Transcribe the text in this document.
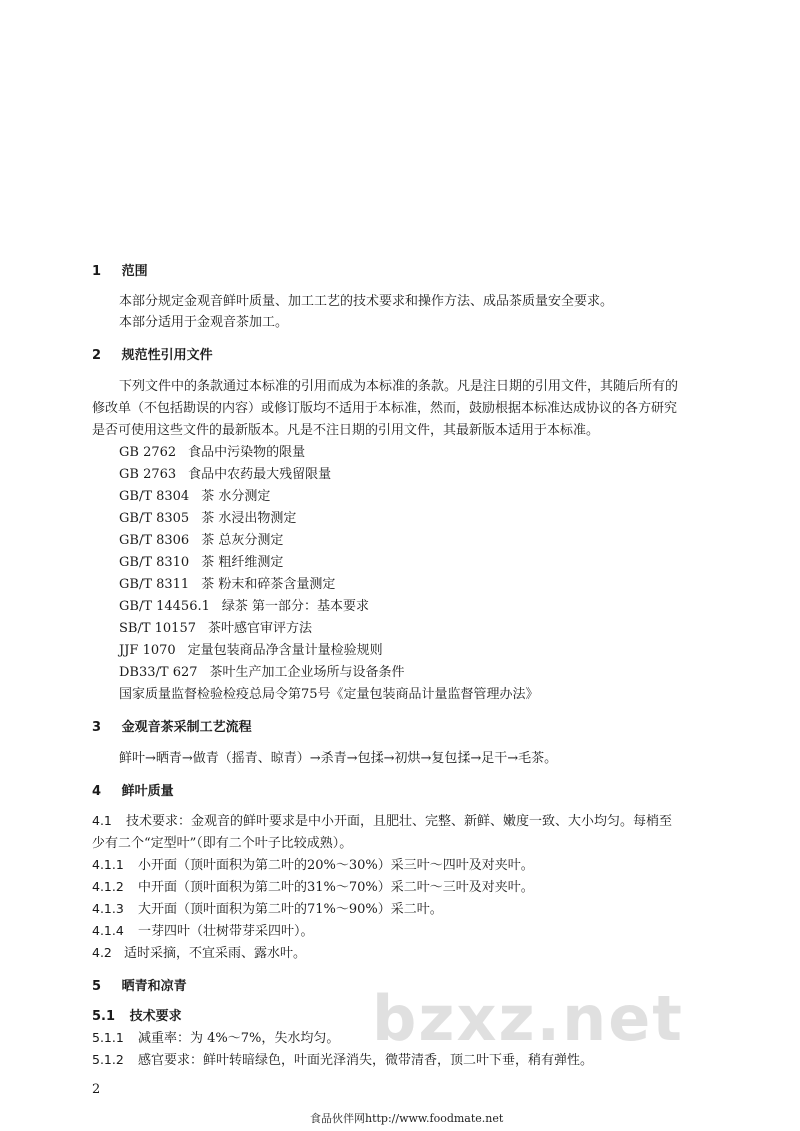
1 范围
本部分规定金观音鲜叶质量、加工工艺的技术要求和操作方法、成品茶质量安全要求。
本部分适用于金观音茶加工。
2 规范性引用文件
下列文件中的条款通过本标准的引用而成为本标准的条款。凡是注日期的引用文件，其随后所有的
修改单（不包括勘误的内容）或修订版均不适用于本标准，然而，鼓励根据本标准达成协议的各方研究
是否可使用这些文件的最新版本。凡是不注日期的引用文件，其最新版本适用于本标准。
GB 2762 食品中污染物的限量
GB 2763 食品中农药最大残留限量
GB/T 8304 茶 水分测定
GB/T 8305 茶 水浸出物测定
GB/T 8306 茶 总灰分测定
GB/T 8310 茶 粗纤维测定
GB/T 8311 茶 粉末和碎茶含量测定
GB/T 14456.1 绿茶 第一部分：基本要求
SB/T 10157 茶叶感官审评方法
JJF 1070 定量包装商品净含量计量检验规则
DB33/T 627 茶叶生产加工企业场所与设备条件
国家质量监督检验检疫总局令第75号《定量包装商品计量监督管理办法》
3 金观音茶采制工艺流程
鲜叶→晒青→做青（摇青、晾青）→杀青→包揉→初烘→复包揉→足干→毛茶。
4 鲜叶质量
4.1 技术要求：金观音的鲜叶要求是中小开面，且肥壮、完整、新鲜、嫩度一致、大小均匀。每梢至
少有二个“定型叶”（即有二个叶子比较成熟）。
4.1.1 小开面（顶叶面积为第二叶的20%～30%）采三叶～四叶及对夹叶。
4.1.2 中开面（顶叶面积为第二叶的31%～70%）采二叶～三叶及对夹叶。
4.1.3 大开面（顶叶面积为第二叶的71%～90%）采二叶。
4.1.4 一芽四叶（壮树带芽采四叶）。
4.2 适时采摘，不宜采雨、露水叶。
5 晒青和凉青
5.1 技术要求
5.1.1 减重率：为 4%～7%，失水均匀。
5.1.2 感官要求：鲜叶转暗绿色，叶面光泽消失，微带清香，顶二叶下垂，稍有弹性。
bzxz.net
2
食品伙伴网http://www.foodmate.net
